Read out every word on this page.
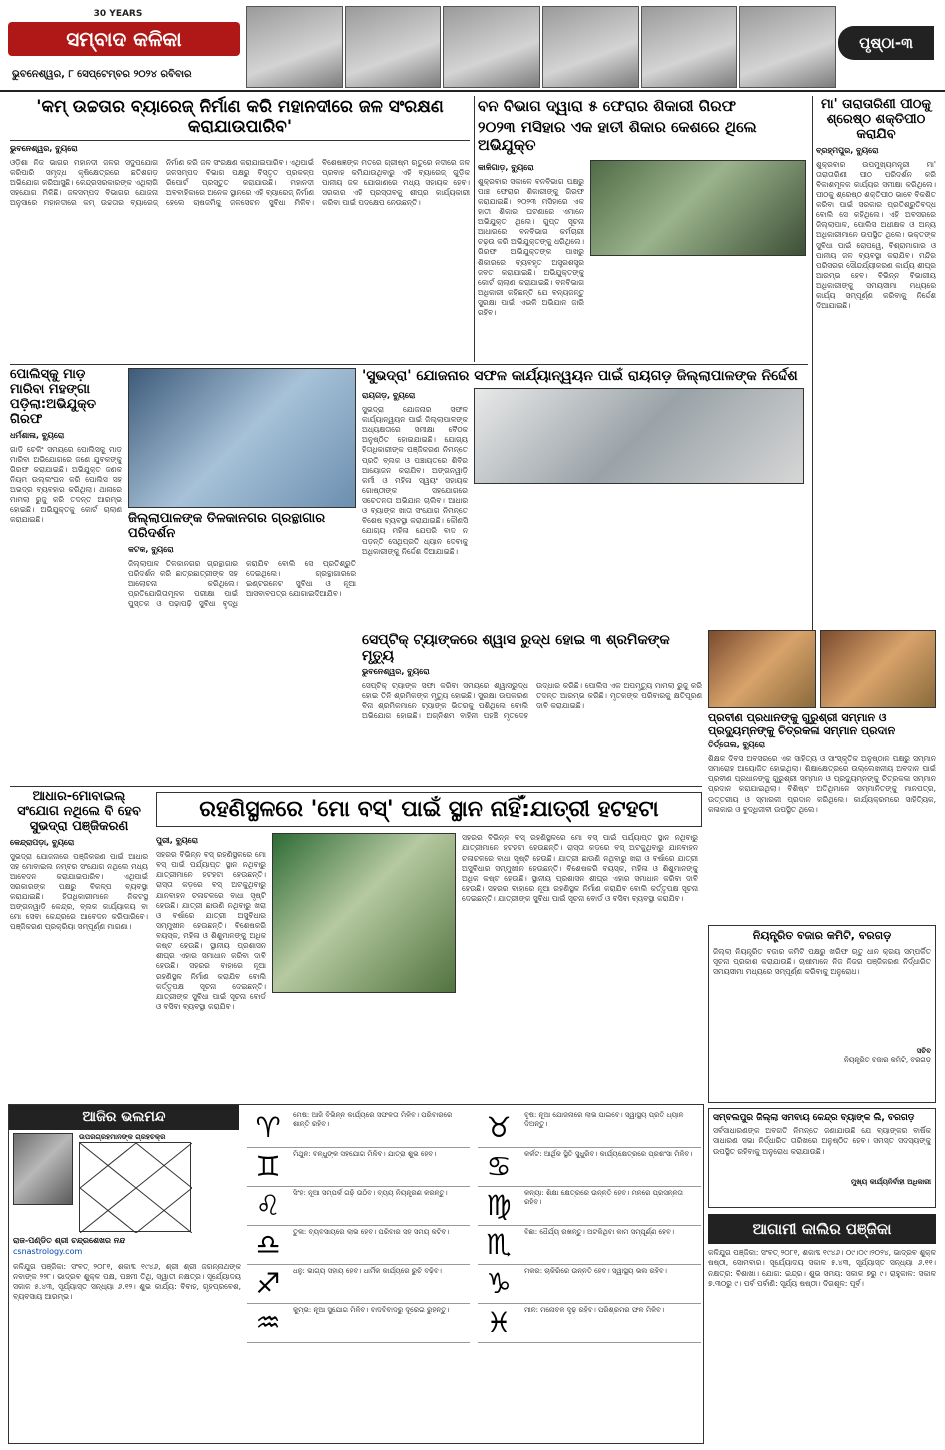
30 YEARS
ସମ୍ବାଦ କଳିକା
ଭୁବନେଶ୍ୱର, ୮ ସେପ୍ଟେମ୍ବର ୨୦୨୪ ରବିବାର
ପୃଷ୍ଠା-୩
'କମ୍ ଉଚ୍ଚତାର ବ୍ୟାରେଜ୍ ନିର୍ମାଣ କରି ମହାନଦୀରେ ଜଳ ସଂରକ୍ଷଣ କରାଯାଉପାରିବ'
ଭୁବନେଶ୍ୱର, ବ୍ୟୁରୋ
ଓଡ଼ିଶା ନିଜ ଭାଗର ମହାନଦୀ ଜଳର ସଦୁପଯୋଗ କରିପାରି ସମୃଦ୍ଧ କୃଷିକ୍ଷେତ୍ରରେ ଛତିଶଗଡ଼ ଅଭିଯୋଗ କରିଆସୁଛି। କେନ୍ଦ୍ରସରକାରଙ୍କ ଏଥିଲାଗି ସହଯୋଗ ମିଳିଛି। ଜଳସମ୍ପଦ ବିଭାଗର ଯୋଜନା ଅନୁସାରେ ମହାନଦୀରେ କମ୍ ଉଚ୍ଚତାର ବ୍ୟାରେଜ୍ ନିର୍ମାଣ କରି ଜଳ ସଂରକ୍ଷଣ କରାଯାଇପାରିବ। ଏଥିପାଇଁ ଜଳସମ୍ପଦ ବିଭାଗ ପକ୍ଷରୁ ବିସ୍ତୃତ ପ୍ରକଳ୍ପ ରିପୋର୍ଟ ପ୍ରସ୍ତୁତ କରାଯାଉଛି। ମହାନଦୀ ଅବବାହିକାରେ ଅନେକ ସ୍ଥାନରେ ଏହି ବ୍ୟାରେଜ୍ ନିର୍ମାଣ ହେଲେ ଚାଷଜମିକୁ ଜଳସେଚନ ସୁବିଧା ମିଳିବ। ବିଶେଷଜ୍ଞଙ୍କ ମତରେ ଗ୍ରୀଷ୍ମ ଋତୁରେ ନଦୀରେ ଜଳ ପ୍ରବାହ କମିଯାଉଥିବାରୁ ଏହି ବ୍ୟାରେଜ୍ ଗୁଡ଼ିକ ପାନୀୟ ଜଳ ଯୋଗାଣରେ ମଧ୍ୟ ସହାୟକ ହେବ। ସରକାର ଏହି ପ୍ରସ୍ତାବକୁ ଶୀଘ୍ର କାର୍ଯ୍ୟକାରୀ କରିବା ପାଇଁ ପଦକ୍ଷେପ ନେଉଛନ୍ତି।
ବନ ବିଭାଗ ଦ୍ୱାରା ୫ ଫେରାର ଶିକାରୀ ଗିରଫ
୨୦୨୩ ମସିହାର ଏକ ହାତୀ ଶିକାର କେଶରେ ଥିଲେ ଅଭିଯୁକ୍ତ
କାଳିଗାଡ଼, ବ୍ୟୁରୋ
ଶୁକ୍ରବାର ସକାଳେ ବନବିଭାଗ ପକ୍ଷରୁ ପାଞ୍ଚ ଫେରାର ଶିକାରୀଙ୍କୁ ଗିରଫ କରାଯାଇଛି। ୨୦୨୩ ମସିହାରେ ଏକ ହାତୀ ଶିକାର ଘଟଣାରେ ଏମାନେ ଅଭିଯୁକ୍ତ ଥିଲେ। ଗୁପ୍ତ ସୂଚନା ଆଧାରରେ ବନବିଭାଗ କର୍ମଚାରୀ ଚଢ଼ଉ କରି ଅଭିଯୁକ୍ତଙ୍କୁ ଧରିଥିଲେ। ଗିରଫ ଅଭିଯୁକ୍ତଙ୍କ ପାଖରୁ ଶିକାରରେ ବ୍ୟବହୃତ ଅସ୍ତ୍ରଶସ୍ତ୍ର ଜବତ କରାଯାଇଛି। ଅଭିଯୁକ୍ତଙ୍କୁ କୋର୍ଟ ଚାଲାଣ କରାଯାଇଛି। ବନବିଭାଗ ଅଧିକାରୀ କହିଛନ୍ତି ଯେ ବନ୍ୟଜନ୍ତୁ ସୁରକ୍ଷା ପାଇଁ ଏଭଳି ଅଭିଯାନ ଜାରି ରହିବ।
ମା' ତାରାତାରିଣୀ ପୀଠକୁ ଶ୍ରେଷ୍ଠ ଶକ୍ତିପୀଠ କରାଯିବ
ବ୍ରହ୍ମପୁର, ବ୍ୟୁରୋ
ଶୁକ୍ରବାର ଉପମୁଖ୍ୟମନ୍ତ୍ରୀ ମା' ତାରାତାରିଣୀ ପୀଠ ପରିଦର୍ଶନ କରି ବିକାଶମୂଳକ କାର୍ଯ୍ୟର ସମୀକ୍ଷା କରିଥିଲେ। ପୀଠକୁ ଶ୍ରେଷ୍ଠ ଶକ୍ତିପୀଠ ଭାବେ ବିକଶିତ କରିବା ପାଇଁ ସରକାର ପ୍ରତିଶ୍ରୁତିବଦ୍ଧ ବୋଲି ସେ କହିଥିଲେ। ଏହି ଅବସରରେ ଜିଲ୍ଲାପାଳ, ପୋଲିସ ଅଧୀକ୍ଷକ ଓ ଅନ୍ୟ ଅଧିକାରୀମାନେ ଉପସ୍ଥିତ ଥିଲେ। ଭକ୍ତଙ୍କ ସୁବିଧା ପାଇଁ ରୋପୱେ, ବିଶ୍ରାମାଗାର ଓ ପାନୀୟ ଜଳ ବ୍ୟବସ୍ଥା କରାଯିବ। ମନ୍ଦିର ପରିସରର ସୌନ୍ଦର୍ଯ୍ୟୀକରଣ କାର୍ଯ୍ୟ ଶୀଘ୍ର ଆରମ୍ଭ ହେବ। ବିଭିନ୍ନ ବିଭାଗୀୟ ଅଧିକାରୀଙ୍କୁ ସମୟସୀମା ମଧ୍ୟରେ କାର୍ଯ୍ୟ ସମ୍ପୂର୍ଣ୍ଣ କରିବାକୁ ନିର୍ଦ୍ଦେଶ ଦିଆଯାଇଛି।
ପୋଲିସ୍‌କୁ ମାଡ଼ ମାରିବା ମହଙ୍ଗା ପଡ଼ିଲା:ଅଭିଯୁକ୍ତ ଗିରଫ
ଧର୍ମଶାଳା, ବ୍ୟୁରୋ
ଗାଡ଼ି ଚେକିଂ ସମୟରେ ପୋଲିସକୁ ମାଡ଼ ମାରିବା ଅଭିଯୋଗରେ ଜଣେ ଯୁବକଙ୍କୁ ଗିରଫ କରାଯାଇଛି। ଅଭିଯୁକ୍ତ ଜଣକ ନିୟମ ଉଲ୍ଲଂଘନ କରି ପୋଲିସ ସହ ଅଭଦ୍ର ବ୍ୟବହାର କରିଥିଲା। ଥାନାରେ ମାମଲା ରୁଜୁ କରି ତଦନ୍ତ ଆରମ୍ଭ ହୋଇଛି। ଅଭିଯୁକ୍ତକୁ କୋର୍ଟ ଚାଲାଣ କରାଯାଇଛି।	ଜିଲ୍ଲାପାଳଙ୍କ ତିଳକାନଗର ଗ୍ରନ୍ଥାଗାର ପରିଦର୍ଶନ
କଟକ, ବ୍ୟୁରୋ
ଜିଲ୍ଲାପାଳ ତିଳକାନଗର ଗ୍ରନ୍ଥାଗାର ପରିଦର୍ଶନ କରି ଛାତ୍ରଛାତ୍ରୀଙ୍କ ସହ ଆଲୋଚନା କରିଥିଲେ। ପ୍ରତିଯୋଗିତାମୂଳକ ପରୀକ୍ଷା ପାଇଁ ପୁସ୍ତକ ଓ ପଢ଼ାପଢ଼ି ସୁବିଧା ବୃଦ୍ଧି କରାଯିବ ବୋଲି ସେ ପ୍ରତିଶ୍ରୁତି ଦେଇଥିଲେ। ଗ୍ରନ୍ଥାଗାରରେ ଇଣ୍ଟରନେଟ ସୁବିଧା ଓ ନୂଆ ଆସବାବପତ୍ର ଯୋଗାଇଦିଆଯିବ।
'ସୁଭଦ୍ରା' ଯୋଜନାର ସଫଳ କାର୍ଯ୍ୟାନ୍ୱୟନ ପାଇଁ ରାୟଗଡ଼ ଜିଲ୍ଲାପାଳଙ୍କ ନିର୍ଦ୍ଦେଶ
ରାୟଗଡ଼, ବ୍ୟୁରୋ
ସୁଭଦ୍ରା ଯୋଜନାର ସଫଳ କାର୍ଯ୍ୟାନ୍ୱୟନ ପାଇଁ ଜିଲ୍ଲାପାଳଙ୍କ ଅଧ୍ୟକ୍ଷତାରେ ସମୀକ୍ଷା ବୈଠକ ଅନୁଷ୍ଠିତ ହୋଇଯାଇଛି। ଯୋଗ୍ୟ ହିତାଧିକାରୀଙ୍କ ପଞ୍ଜିକରଣ ନିମନ୍ତେ ପ୍ରତି ବ୍ଲକ ଓ ପଞ୍ଚାୟତରେ ଶିବିର ଆୟୋଜନ କରାଯିବ। ଅଙ୍ଗନୱାଡ଼ି କର୍ମୀ ଓ ମହିଳା ସ୍ୱୟଂ ସହାୟକ ଗୋଷ୍ଠୀଙ୍କ ସହଯୋଗରେ ସଚେତନତା ଅଭିଯାନ ଚାଲିବ। ଆଧାର ଓ ବ୍ୟାଙ୍କ ଖାତା ସଂଯୋଗ ନିମନ୍ତେ ବିଶେଷ ବ୍ୟବସ୍ଥା କରାଯାଇଛି। କୌଣସି ଯୋଗ୍ୟ ମହିଳା ଯେପରି ବାଦ ନ ପଡ଼ନ୍ତି ସେଥିପ୍ରତି ଧ୍ୟାନ ଦେବାକୁ ଅଧିକାରୀଙ୍କୁ ନିର୍ଦ୍ଦେଶ ଦିଆଯାଇଛି।
ପ୍ରବୀଣ ପ୍ରଧାନଙ୍କୁ ଗୁରୁଶ୍ରୀ ସମ୍ମାନ ଓ ପ୍ରଦ୍ୟୁମ୍ନଙ୍କୁ ଚିତ୍ରକଳା ସମ୍ମାନ ପ୍ରଦାନ
ତିର୍ତ୍ତୋଲ, ବ୍ୟୁରୋ
ଶିକ୍ଷକ ଦିବସ ଅବସରରେ ଏକ ସାହିତ୍ୟ ଓ ସାଂସ୍କୃତିକ ଅନୁଷ୍ଠାନ ପକ୍ଷରୁ ସମ୍ମାନ ସମାରୋହ ଆୟୋଜିତ ହୋଇଥିଲା। ଶିକ୍ଷାକ୍ଷେତ୍ରରେ ଉଲ୍ଲେଖନୀୟ ଅବଦାନ ପାଇଁ ପ୍ରବୀଣ ପ୍ରଧାନଙ୍କୁ ଗୁରୁଶ୍ରୀ ସମ୍ମାନ ଓ ପ୍ରଦ୍ୟୁମ୍ନଙ୍କୁ ଚିତ୍ରକଳା ସମ୍ମାନ ପ୍ରଦାନ କରାଯାଇଥିଲା। ବିଶିଷ୍ଟ ଅତିଥିମାନେ ସମ୍ମାନିତଙ୍କୁ ମାନପତ୍ର, ଉତ୍ତରୀୟ ଓ ସ୍ମାରକୀ ପ୍ରଦାନ କରିଥିଲେ। କାର୍ଯ୍ୟକ୍ରମରେ ସାହିତ୍ୟିକ, କଳାକାର ଓ ବୁଦ୍ଧିଜୀବୀ ଉପସ୍ଥିତ ଥିଲେ।
ସେପ୍ଟିକ୍ ଟ୍ୟାଙ୍କରେ ଶ୍ୱାସ ରୁଦ୍ଧ ହୋଇ ୩ ଶ୍ରମିକଙ୍କ ମୃତ୍ୟୁ
ଭୁବନେଶ୍ୱର, ବ୍ୟୁରୋ
ସେପ୍ଟିକ୍ ଟ୍ୟାଙ୍କ ସଫା କରିବା ସମୟରେ ଶ୍ୱାସରୁଦ୍ଧ ହୋଇ ତିନି ଶ୍ରମିକଙ୍କ ମୃତ୍ୟୁ ହୋଇଛି। ସୁରକ୍ଷା ଉପକରଣ ବିନା ଶ୍ରମିକମାନେ ଟ୍ୟାଙ୍କ ଭିତରକୁ ପଶିଥିଲେ ବୋଲି ଅଭିଯୋଗ ହୋଇଛି। ଅଗ୍ନିଶମ ବାହିନୀ ପହଞ୍ଚି ମୃତଦେହ ଉଦ୍ଧାର କରିଛି। ପୋଲିସ ଏକ ଅପମୃତ୍ୟୁ ମାମଲା ରୁଜୁ କରି ତଦନ୍ତ ଆରମ୍ଭ କରିଛି। ମୃତକଙ୍କ ପରିବାରକୁ କ୍ଷତିପୂରଣ ଦାବି କରାଯାଇଛି।
ଆଧାର-ମୋବାଇଲ୍ ସଂଯୋଗ ନଥିଲେ ବି ହେବ ସୁଭଦ୍ରା ପଞ୍ଜିକରଣ
କେନ୍ଦ୍ରାପଡ଼ା, ବ୍ୟୁରୋ
ସୁଭଦ୍ରା ଯୋଜନାରେ ପଞ୍ଜିକରଣ ପାଇଁ ଆଧାର ସହ ମୋବାଇଲ ନମ୍ବର ସଂଯୋଗ ନଥିଲେ ମଧ୍ୟ ଆବେଦନ କରାଯାଇପାରିବ। ଏଥିପାଇଁ ସରକାରଙ୍କ ପକ୍ଷରୁ ବିକଳ୍ପ ବ୍ୟବସ୍ଥା କରାଯାଇଛି। ହିତାଧିକାରୀମାନେ ନିକଟସ୍ଥ ଅଙ୍ଗନୱାଡ଼ି କେନ୍ଦ୍ର, ବ୍ଲକ କାର୍ଯ୍ୟାଳୟ ବା ମୋ ସେବା କେନ୍ଦ୍ରରେ ଆବେଦନ କରିପାରିବେ। ପଞ୍ଜିକରଣ ପ୍ରକ୍ରିୟା ସମ୍ପୂର୍ଣ୍ଣ ମାଗଣା।
ରହଣିସ୍ଥଳରେ 'ମୋ ବସ୍' ପାଇଁ ସ୍ଥାନ ନାହିଁ:ଯାତ୍ରୀ ହଟହଟା
ପୁରୀ, ବ୍ୟୁରୋ
ସହରର ବିଭିନ୍ନ ବସ୍ ରହଣିସ୍ଥଳରେ ମୋ ବସ୍ ପାଇଁ ପର୍ଯ୍ୟାପ୍ତ ସ୍ଥାନ ନଥିବାରୁ ଯାତ୍ରୀମାନେ ହଟହଟା ହେଉଛନ୍ତି। ରାସ୍ତା କଡ଼ରେ ବସ୍ ଅଟକୁଥିବାରୁ ଯାନବାହନ ଚଳାଚଳରେ ବାଧା ସୃଷ୍ଟି ହେଉଛି। ଯାତ୍ରୀ ଛାଉଣି ନଥିବାରୁ ଖରା ଓ ବର୍ଷାରେ ଯାତ୍ରୀ ଅସୁବିଧାର ସମ୍ମୁଖୀନ ହେଉଛନ୍ତି। ବିଶେଷକରି ବୟସ୍କ, ମହିଳା ଓ ଶିଶୁମାନଙ୍କୁ ଅଧିକ କଷ୍ଟ ହେଉଛି। ସ୍ଥାନୀୟ ପ୍ରଶାସନ ଶୀଘ୍ର ଏହାର ସମାଧାନ କରିବା ଦାବି ହେଉଛି। ସହରର ବାହାରେ ନୂଆ ରହଣିସ୍ଥଳ ନିର୍ମାଣ କରାଯିବ ବୋଲି କର୍ତ୍ତୃପକ୍ଷ ସୂଚନା ଦେଇଛନ୍ତି। ଯାତ୍ରୀଙ୍କ ସୁବିଧା ପାଇଁ ସୂଚନା ବୋର୍ଡ ଓ ବସିବା ବ୍ୟବସ୍ଥା କରାଯିବ।
ସହରର ବିଭିନ୍ନ ବସ୍ ରହଣିସ୍ଥଳରେ ମୋ ବସ୍ ପାଇଁ ପର୍ଯ୍ୟାପ୍ତ ସ୍ଥାନ ନଥିବାରୁ ଯାତ୍ରୀମାନେ ହଟହଟା ହେଉଛନ୍ତି। ରାସ୍ତା କଡ଼ରେ ବସ୍ ଅଟକୁଥିବାରୁ ଯାନବାହନ ଚଳାଚଳରେ ବାଧା ସୃଷ୍ଟି ହେଉଛି। ଯାତ୍ରୀ ଛାଉଣି ନଥିବାରୁ ଖରା ଓ ବର୍ଷାରେ ଯାତ୍ରୀ ଅସୁବିଧାର ସମ୍ମୁଖୀନ ହେଉଛନ୍ତି। ବିଶେଷକରି ବୟସ୍କ, ମହିଳା ଓ ଶିଶୁମାନଙ୍କୁ ଅଧିକ କଷ୍ଟ ହେଉଛି। ସ୍ଥାନୀୟ ପ୍ରଶାସନ ଶୀଘ୍ର ଏହାର ସମାଧାନ କରିବା ଦାବି ହେଉଛି। ସହରର ବାହାରେ ନୂଆ ରହଣିସ୍ଥଳ ନିର୍ମାଣ କରାଯିବ ବୋଲି କର୍ତ୍ତୃପକ୍ଷ ସୂଚନା ଦେଇଛନ୍ତି। ଯାତ୍ରୀଙ୍କ ସୁବିଧା ପାଇଁ ସୂଚନା ବୋର୍ଡ ଓ ବସିବା ବ୍ୟବସ୍ଥା କରାଯିବ।
ନିୟନ୍ତ୍ରିତ ବଜାର କମିଟି, ବରଗଡ଼
ଜିଲ୍ଲା ନିୟନ୍ତ୍ରିତ ବଜାର କମିଟି ପକ୍ଷରୁ ଖରିଫ ଋତୁ ଧାନ କ୍ରୟ ସମ୍ପର୍କିତ ସୂଚନା ପ୍ରକାଶ କରାଯାଉଛି। ଚାଷୀମାନେ ନିଜ ନିଜର ପଞ୍ଜିକରଣ ନିର୍ଦ୍ଧାରିତ ସମୟସୀମା ମଧ୍ୟରେ ସମ୍ପୂର୍ଣ୍ଣ କରିବାକୁ ଅନୁରୋଧ।
ସଚିବ
ନିୟନ୍ତ୍ରିତ ବଜାର କମିଟି, ବରଗଡ଼
ଆଜିର ଭଲମନ୍ଦ
ଉପରଗ୍ରହମାନଙ୍କ ଗ୍ରହଚକ୍ର
ରାଜ-ପଣ୍ଡିତ ଶ୍ରୀ ଚନ୍ଦ୍ରଶେଖର ନନ୍ଦ
csnastrology.com
କଳିଯୁଗ ପଞ୍ଜିକା: ସଂବତ୍ ୨୦୮୧, ଶକାବ୍ଦ ୧୯୪୬, ଶ୍ରୀ ଶ୍ରୀ ଜଗନ୍ନାଥଙ୍କ ନବାଙ୍କ ୨୨୮। ଭାଦ୍ରବ ଶୁକ୍ଳ ପକ୍ଷ, ପଞ୍ଚମୀ ତିଥି, ସ୍ୱାତୀ ନକ୍ଷତ୍ର। ସୂର୍ଯ୍ୟୋଦୟ ସକାଳ ୫.୪୩, ସୂର୍ଯ୍ୟାସ୍ତ ସନ୍ଧ୍ୟା ୬.୧୨। ଶୁଭ କାର୍ଯ୍ୟ: ବିବାହ, ଗୃହପ୍ରବେଶ, ବ୍ୟବସାୟ ଆରମ୍ଭ।
♈	ମେଷ: ଆଜି ବିଭିନ୍ନ କାର୍ଯ୍ୟରେ ସଫଳତା ମିଳିବ। ପରିବାରରେ ଶାନ୍ତି ରହିବ।	♉	ବୃଷ: ନୂଆ ଯୋଜନାରେ ଲାଭ ପାଇବେ। ସ୍ୱାସ୍ଥ୍ୟ ପ୍ରତି ଧ୍ୟାନ ଦିଅନ୍ତୁ।
♊	ମିଥୁନ: ବନ୍ଧୁଙ୍କ ସହଯୋଗ ମିଳିବ। ଯାତ୍ରା ଶୁଭ ହେବ।	♋	କର୍କଟ: ଆର୍ଥିକ ସ୍ଥିତି ସୁଧୁରିବ। କାର୍ଯ୍ୟକ୍ଷେତ୍ରରେ ପ୍ରଶଂସା ମିଳିବ।
♌	ସିଂହ: ନୂଆ ସମ୍ପର୍କ ଗଢ଼ି ଉଠିବ। ବ୍ୟୟ ନିୟନ୍ତ୍ରଣ କରନ୍ତୁ।	♍	କନ୍ୟା: ଶିକ୍ଷା କ୍ଷେତ୍ରରେ ଉନ୍ନତି ହେବ। ମନରେ ପ୍ରସନ୍ନତା ରହିବ।
♎	ତୁଳା: ବ୍ୟବସାୟରେ ଲାଭ ହେବ। ପରିବାର ସହ ସମୟ କଟିବ।	♏	ବିଛା: ଧୈର୍ଯ୍ୟ ରଖନ୍ତୁ। ଅଟକିଥିବା କାମ ସମ୍ପୂର୍ଣ୍ଣ ହେବ।
♐	ଧନୁ: ଭାଗ୍ୟ ସହାୟ ହେବ। ଧାର୍ମିକ କାର୍ଯ୍ୟରେ ରୁଚି ବଢ଼ିବ।	♑	ମକର: ଚାକିରିରେ ଉନ୍ନତି ହେବ। ସ୍ୱାସ୍ଥ୍ୟ ଭଲ ରହିବ।
♒	କୁମ୍ଭ: ନୂଆ ସୁଯୋଗ ମିଳିବ। ବାଦବିବାଦରୁ ଦୂରେଇ ରୁହନ୍ତୁ।	♓	ମୀନ: ମନୋବଳ ଦୃଢ଼ ରହିବ। ପରିଶ୍ରମର ଫଳ ମିଳିବ।
ସମ୍ବଲପୁର ଜିଲ୍ଲା ସମବାୟ କେନ୍ଦ୍ର ବ୍ୟାଙ୍କ ଲି, ବରଗଡ଼
ସର୍ବସାଧାରଣଙ୍କ ଅବଗତି ନିମନ୍ତେ ଜଣାଯାଉଛି ଯେ ବ୍ୟାଙ୍କର ବାର୍ଷିକ ସାଧାରଣ ସଭା ନିର୍ଦ୍ଧାରିତ ତାରିଖରେ ଅନୁଷ୍ଠିତ ହେବ। ସମସ୍ତ ସଦସ୍ୟଙ୍କୁ ଉପସ୍ଥିତ ରହିବାକୁ ଅନୁରୋଧ କରାଯାଉଛି।
ମୁଖ୍ୟ କାର୍ଯ୍ୟନିର୍ବାହୀ ଅଧିକାରୀ
ଆଗାମୀ କାଲିର ପଞ୍ଜିକା
କଳିଯୁଗ ପଞ୍ଜିକା: ସଂବତ୍ ୨୦୮୧, ଶକାବ୍ଦ ୧୯୪୬। ୦୯।୦୯।୨୦୨୪, ଭାଦ୍ରବ ଶୁକ୍ଳ ଷଷ୍ଠୀ, ସୋମବାର। ସୂର୍ଯ୍ୟୋଦୟ ସକାଳ ୫.୪୩, ସୂର୍ଯ୍ୟାସ୍ତ ସନ୍ଧ୍ୟା ୬.୧୧। ନକ୍ଷତ୍ର: ବିଶାଖା। ଯୋଗ: ଇନ୍ଦ୍ର। ଶୁଭ ସମୟ: ସକାଳ ୭ରୁ ୯। ରାହୁକାଳ: ସକାଳ ୭.୩୦ରୁ ୯। ପର୍ବ ପର୍ବାଣି: ସୂର୍ଯ୍ୟ ଷଷ୍ଠୀ। ଦିଗଶୂଳ: ପୂର୍ବ।
